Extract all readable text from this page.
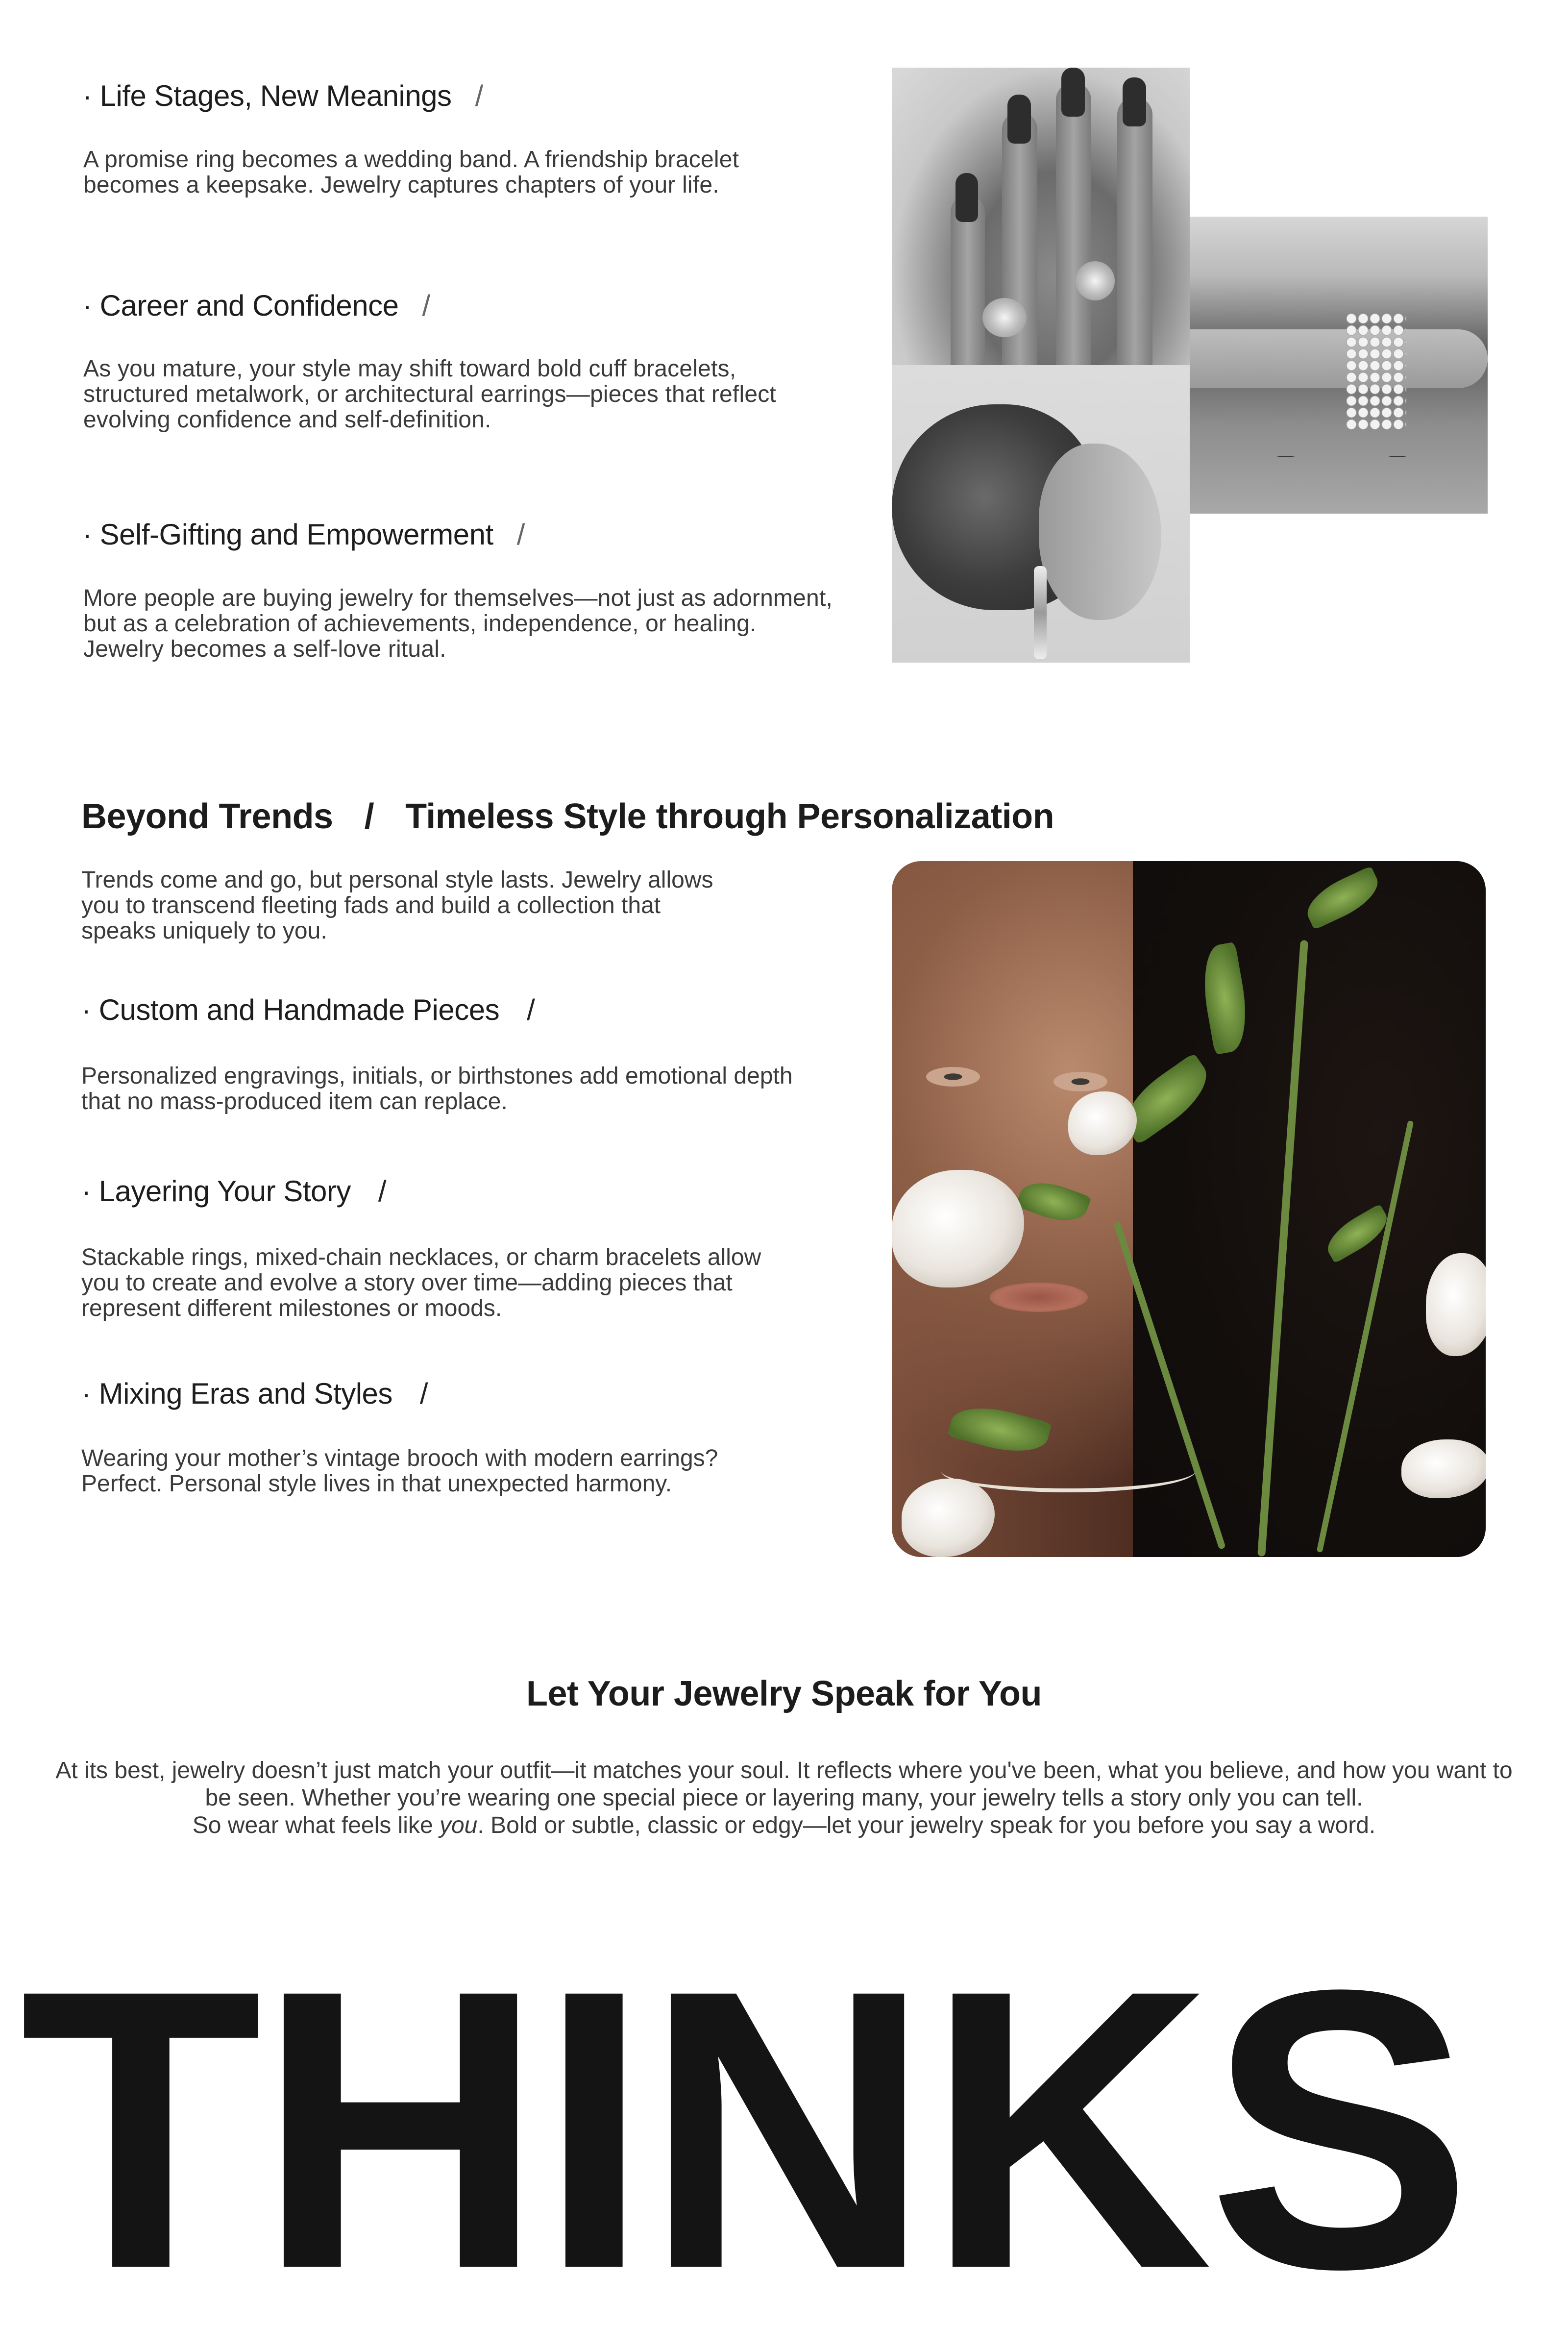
· Life Stages, New Meanings /
A promise ring becomes a wedding band. A friendship bracelet becomes a keepsake. Jewelry captures chapters of your life.
· Career and Confidence /
As you mature, your style may shift toward bold cuff bracelets, structured metalwork, or architectural earrings—pieces that reflect evolving confidence and self-definition.
· Self-Gifting and Empowerment /
More people are buying jewelry for themselves—not just as adornment, but as a celebration of achievements, independence, or healing. Jewelry becomes a self-love ritual.
Beyond Trends / Timeless Style through Personalization
Trends come and go, but personal style lasts. Jewelry allows you to transcend fleeting fads and build a collection that speaks uniquely to you.
· Custom and Handmade Pieces /
Personalized engravings, initials, or birthstones add emotional depth that no mass-produced item can replace.
· Layering Your Story /
Stackable rings, mixed-chain necklaces, or charm bracelets allow you to create and evolve a story over time—adding pieces that represent different milestones or moods.
· Mixing Eras and Styles /
Wearing your mother’s vintage brooch with modern earrings? Perfect. Personal style lives in that unexpected harmony.
Let Your Jewelry Speak for You
At its best, jewelry doesn’t just match your outfit—it matches your soul. It reflects where you've been, what you believe, and how you want to be seen. Whether you’re wearing one special piece or layering many, your jewelry tells a story only you can tell.
So wear what feels like you. Bold or subtle, classic or edgy—let your jewelry speak for you before you say a word.
THINKS
